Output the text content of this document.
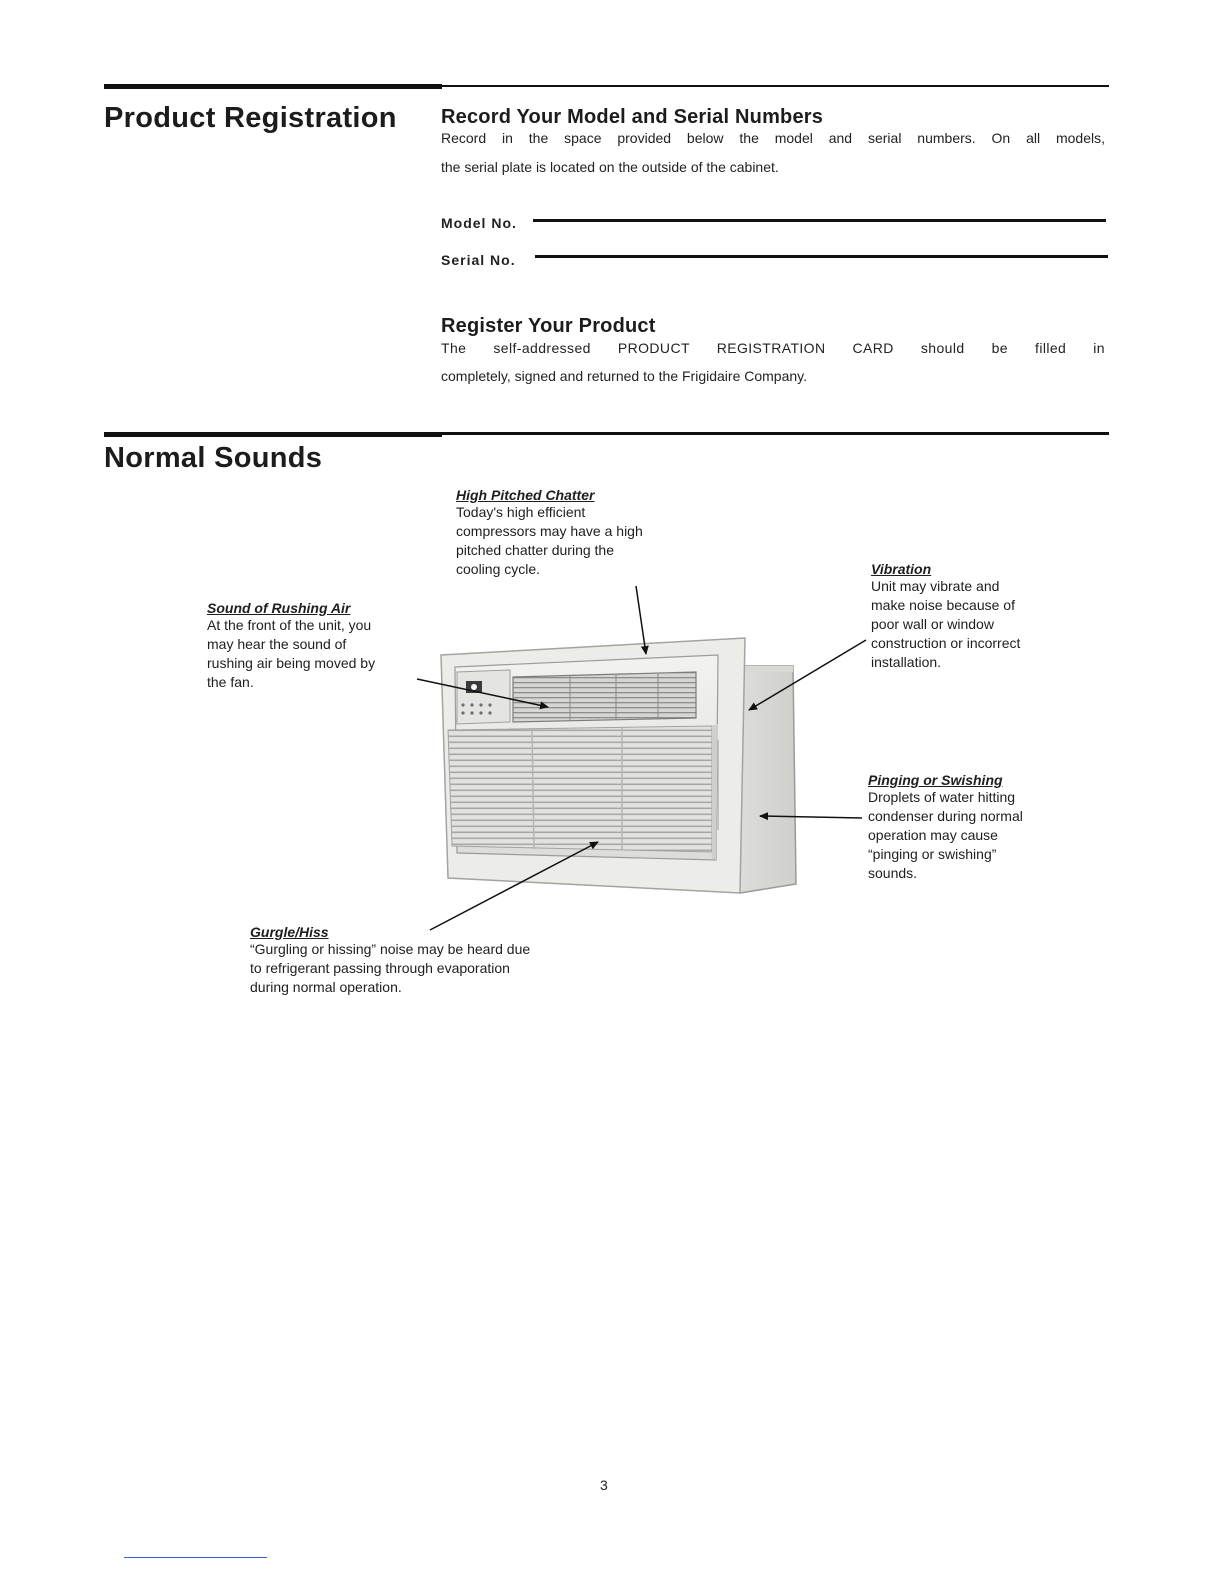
Product Registration Record Your Model and Serial Numbers
Record in the space provided below the model and serial numbers. On all models,
the serial plate is located on the outside of the cabinet.
Model No.
Serial No.
Register Your Product
The self-addressed PRODUCT REGISTRATION CARD should be filled in
completely, signed and returned to the Frigidaire Company.
Normal Sounds
High Pitched Chatter
Today's high efficient
compressors may have a high
pitched chatter during the
cooling cycle.
Sound of Rushing Air
At the front of the unit, you
may hear the sound of
rushing air being moved by
the fan.
Vibration
Unit may vibrate and
make noise because of
poor wall or window
construction or incorrect
installation.
Pinging or Swishing
Droplets of water hitting
condenser during normal
operation may cause
“pinging or swishing”
sounds.
Gurgle/Hiss
“Gurgling or hissing” noise may be heard due
to refrigerant passing through evaporation
during normal operation.
3
